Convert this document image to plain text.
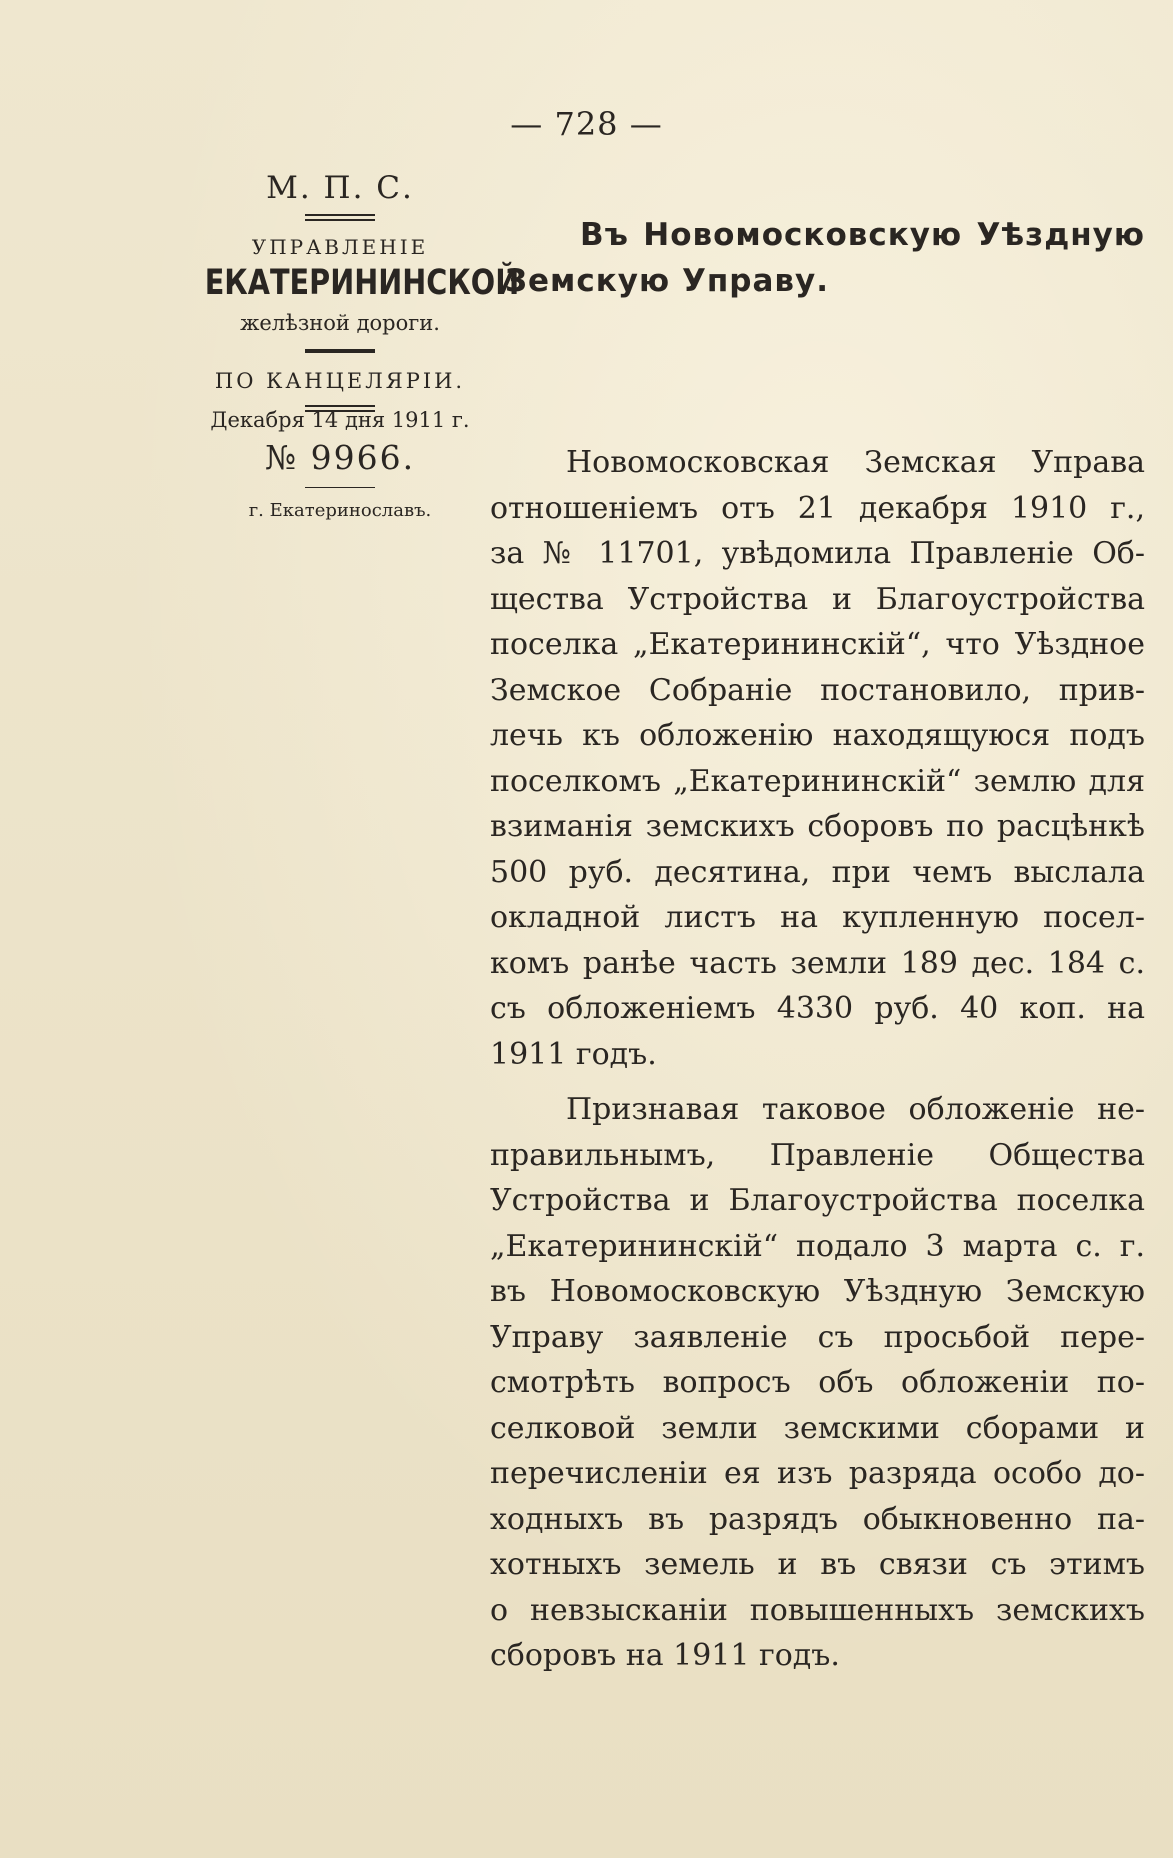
— 728 —
М. П. С.
УПРАВЛЕНІЕ
ЕКАТЕРИНИНСКОЙ
желѣзной дороги.
ПО КАНЦЕЛЯРІИ.
Декабря 14 дня 1911 г.
№ 9966.
г. Екатеринославъ.
Въ Новомосковскую Уѣздную
Земскую Управу.

Новомосковская Земская Управа
отношеніемъ отъ 21 декабря 1910 г.,
за № 11701, увѣдомила Правленіе Об-
щества Устройства и Благоустройства
поселка „Екатерининскій“, что Уѣздное
Земское Собраніе постановило, прив-
лечь къ обложенію находящуюся подъ
поселкомъ „Екатерининскій“ землю для
взиманія земскихъ сборовъ по расцѣнкѣ
500 руб. десятина, при чемъ выслала
окладной листъ на купленную посел-
комъ ранѣе часть земли 189 дес. 184 с.
съ обложеніемъ 4330 руб. 40 коп. на
1911 годъ.

Признавая таковое обложеніе не-
правильнымъ, Правленіе Общества
Устройства и Благоустройства поселка
„Екатерининскій“ подало 3 марта с. г.
въ Новомосковскую Уѣздную Земскую
Управу заявленіе съ просьбой пере-
смотрѣть вопросъ объ обложеніи по-
селковой земли земскими сборами и
перечисленіи ея изъ разряда особо до-
ходныхъ въ разрядъ обыкновенно па-
хотныхъ земель и въ связи съ этимъ
о невзысканіи повышенныхъ земскихъ
сборовъ на 1911 годъ.
